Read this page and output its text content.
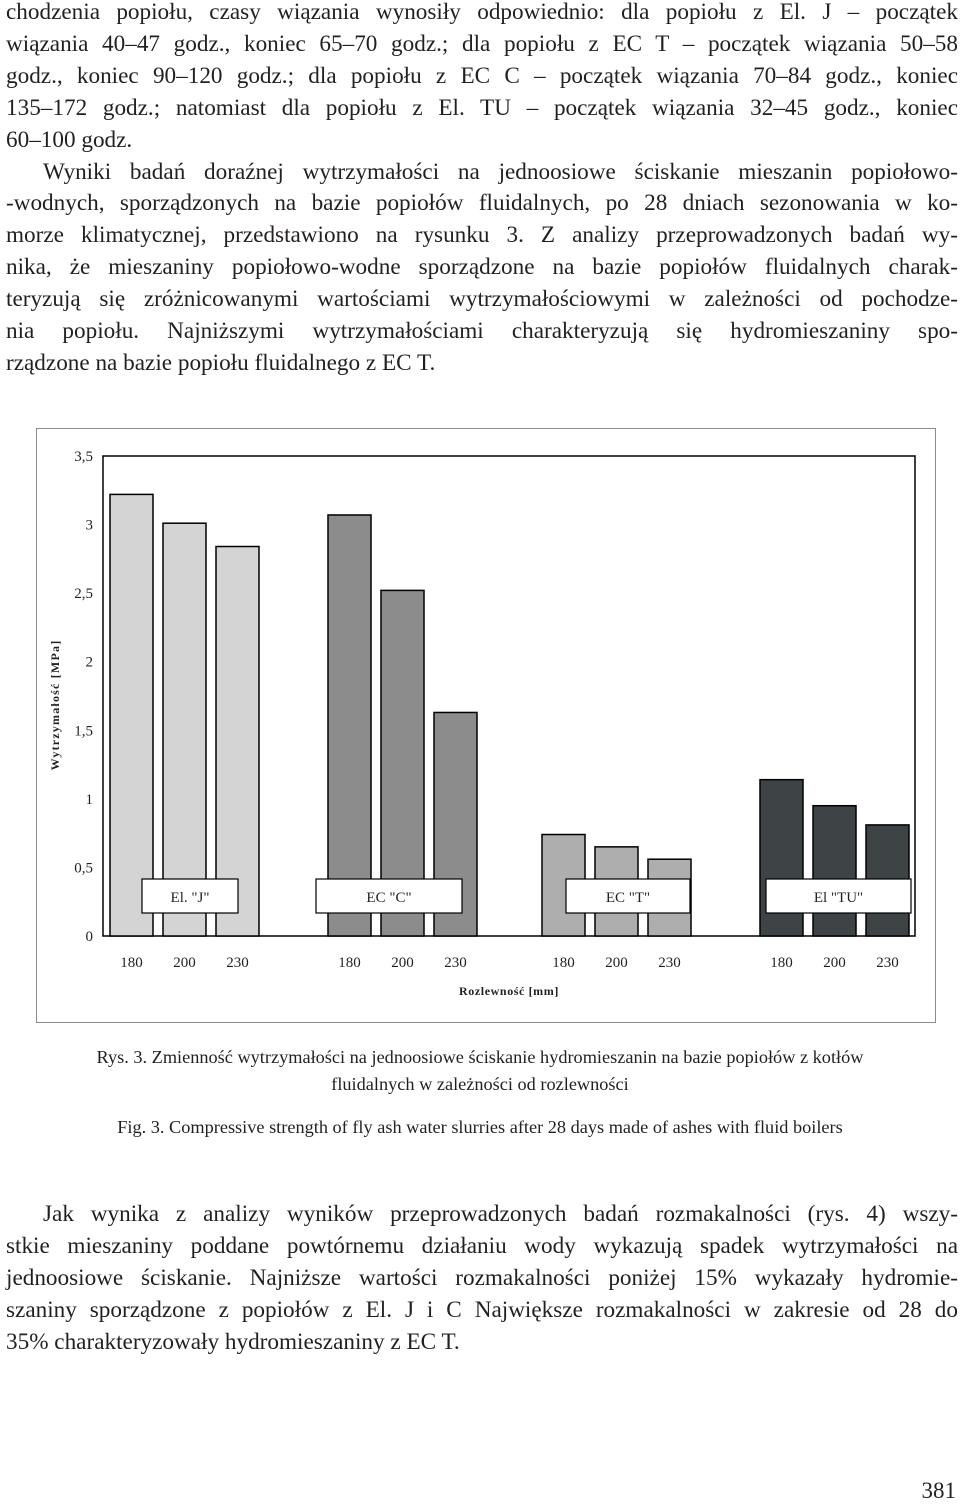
chodzenia popiołu, czasy wiązania wynosiły odpowiednio: dla popiołu z El. J – początek
wiązania 40–47 godz., koniec 65–70 godz.; dla popiołu z EC T – początek wiązania 50–58
godz., koniec 90–120 godz.; dla popiołu z EC C – początek wiązania 70–84 godz., koniec
135–172 godz.; natomiast dla popiołu z El. TU – początek wiązania 32–45 godz., koniec
60–100 godz.
Wyniki badań doraźnej wytrzymałości na jednoosiowe ściskanie mieszanin popiołowo-
-wodnych, sporządzonych na bazie popiołów fluidalnych, po 28 dniach sezonowania w ko-
morze klimatycznej, przedstawiono na rysunku 3. Z analizy przeprowadzonych badań wy-
nika, że mieszaniny popiołowo-wodne sporządzone na bazie popiołów fluidalnych charak-
teryzują się zróżnicowanymi wartościami wytrzymałościowymi w zależności od pochodze-
nia popiołu. Najniższymi wytrzymałościami charakteryzują się hydromieszaniny spo-
rządzone na bazie popiołu fluidalnego z EC T.
0
0,5
1
1,5
2
2,5
3
3,5
Wytrzymałość [MPa]
Rozlewność [mm]
180 200 230
El. "J"
180 200 230
EC "C"
180 200 230
EC "T"
180 200 230
El "TU"

Rys. 3. Zmienność wytrzymałości na jednoosiowe ściskanie hydromieszanin na bazie popiołów z kotłów

fluidalnych w zależności od rozlewności

Fig. 3. Compressive strength of fly ash water slurries after 28 days made of ashes with fluid boilers

Jak wynika z analizy wyników przeprowadzonych badań rozmakalności (rys. 4) wszy-
stkie mieszaniny poddane powtórnemu działaniu wody wykazują spadek wytrzymałości na
jednoosiowe ściskanie. Najniższe wartości rozmakalności poniżej 15% wykazały hydromie-
szaniny sporządzone z popiołów z El. J i C Największe rozmakalności w zakresie od 28 do
35% charakteryzowały hydromieszaniny z EC T.
381
